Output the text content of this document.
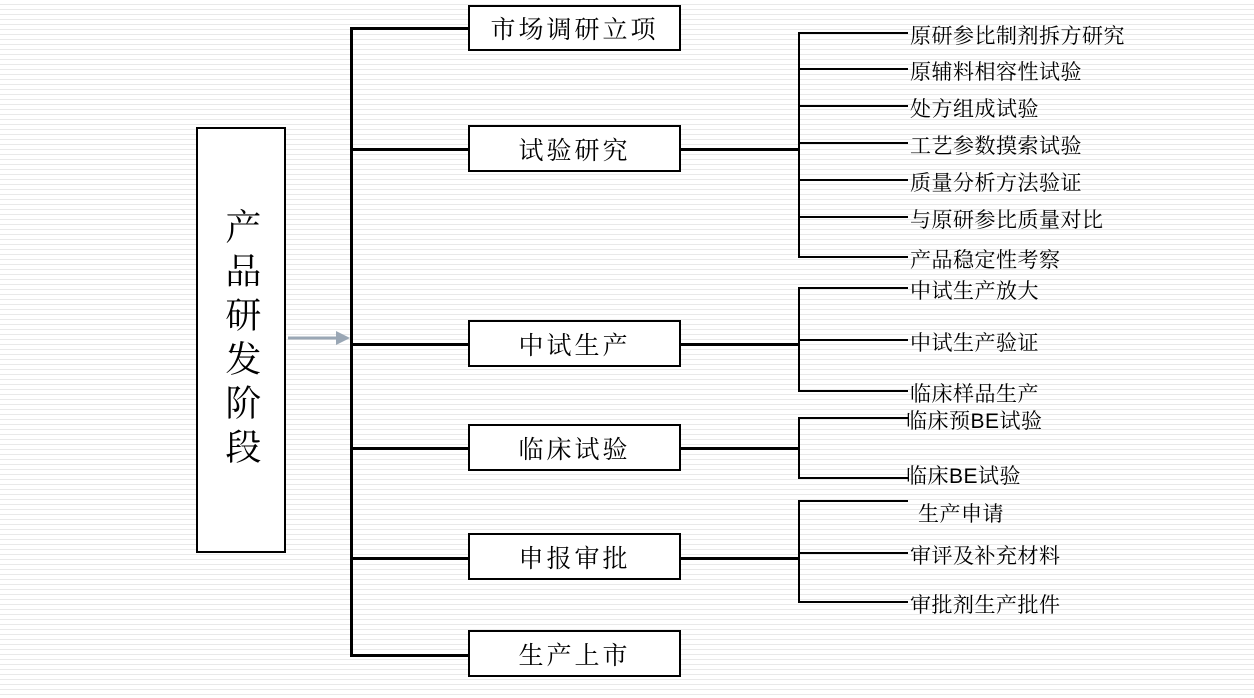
产品研发阶段
市场调研立项
试验研究
中试生产
临床试验
申报审批
生产上市
原研参比制剂拆方研究
原辅料相容性试验
处方组成试验
工艺参数摸索试验
质量分析方法验证
与原研参比质量对比
产品稳定性考察
中试生产放大
中试生产验证
临床样品生产
临床预BE试验
临床BE试验
生产申请
审评及补充材料
审批剂生产批件
